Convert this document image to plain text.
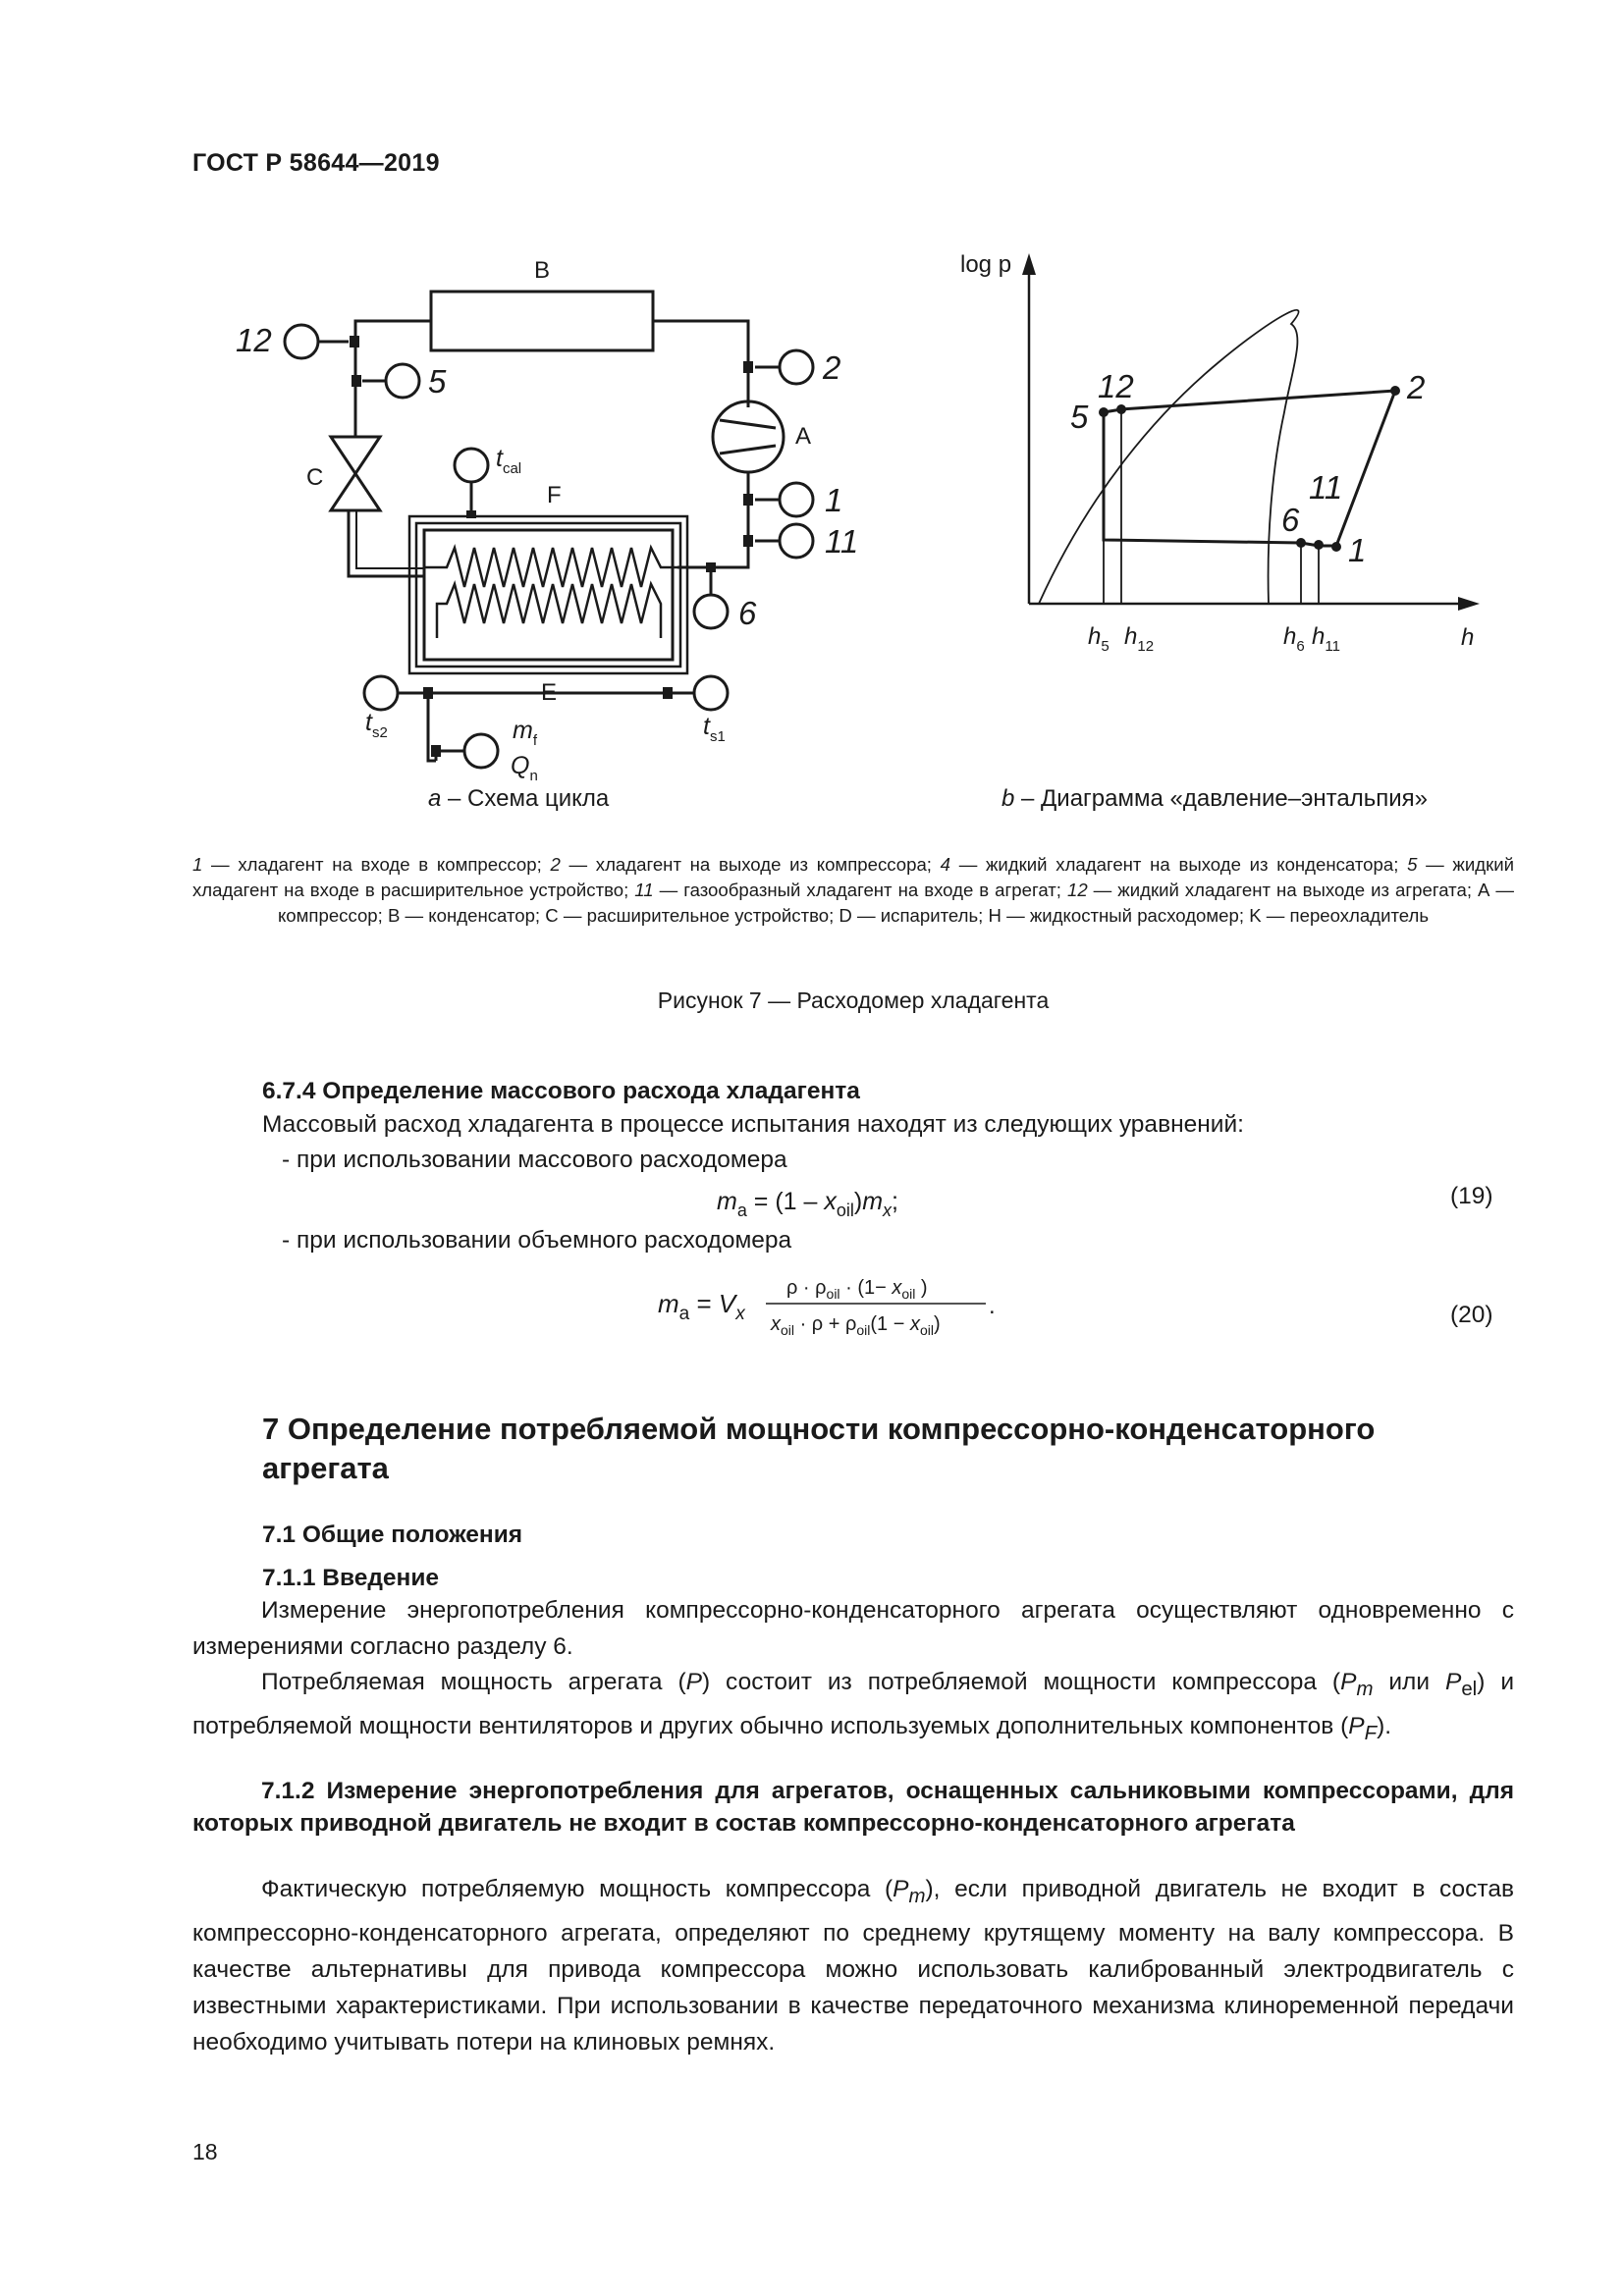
ГОСТ Р 58644—2019
B
A
C
F
E
12
5	2
1
11
6
$t_{cal}$
$t_{s2}$	$t_{s1}$
$m_f$
$Q_n$
log p
h
12
5
2
11
6
1
$h_5$ $h_{12}$	$h_6$ $h_{11}$
a – Схема цикла	b – Диаграмма «давление–энтальпия»
1 — хладагент на входе в компрессор; 2 — хладагент на выходе из компрессора; 4 — жидкий хладагент на выходе из конденсатора; 5 — жидкий хладагент на входе в расширительное устройство; 11 — газообразный хладагент на входе в агрегат; 12 — жидкий хладагент на выходе из агрегата; А — компрессор; В — конденсатор; С — расширительное устройство; D — испаритель; Н — жидкостный расходомер; K — переохладитель
Рисунок 7 — Расходомер хладагента
6.7.4 Определение массового расхода хладагента
Массовый расход хладагента в процессе испытания находят из следующих уравнений:
- при использовании массового расходомера
$m_a = (1 - x_{oil})m_x$;	(19)
- при использовании объемного расходомера
$m_a = V_x$
$\rho \cdot \rho_{oil} \cdot (1- x_{oil}$ )
$x_{oil} \cdot \rho + \rho_{oil}(1 - x_{oil})$
.	(20)
7 Определение потребляемой мощности компрессорно-конденсаторного
агрегата
7.1 Общие положения
7.1.1 Введение
Измерение энергопотребления компрессорно-конденсаторного агрегата осуществляют одновременно с измерениями согласно разделу 6.
Потребляемая мощность агрегата (P) состоит из потребляемой мощности компрессора ($P_m$ или $P_{el}$) и потребляемой мощности вентиляторов и других обычно используемых дополнительных компонентов $(P_F)$.
7.1.2 Измерение энергопотребления для агрегатов, оснащенных сальниковыми компрессорами, для которых приводной двигатель не входит в состав компрессорно-конденсаторного агрегата
Фактическую потребляемую мощность компрессора $(P_m)$, если приводной двигатель не входит в состав компрессорно-конденсаторного агрегата, определяют по среднему крутящему моменту на валу компрессора. В качестве альтернативы для привода компрессора можно использовать калиброванный электродвигатель с известными характеристиками. При использовании в качестве передаточного механизма клиноременной передачи необходимо учитывать потери на клиновых ремнях.
18
